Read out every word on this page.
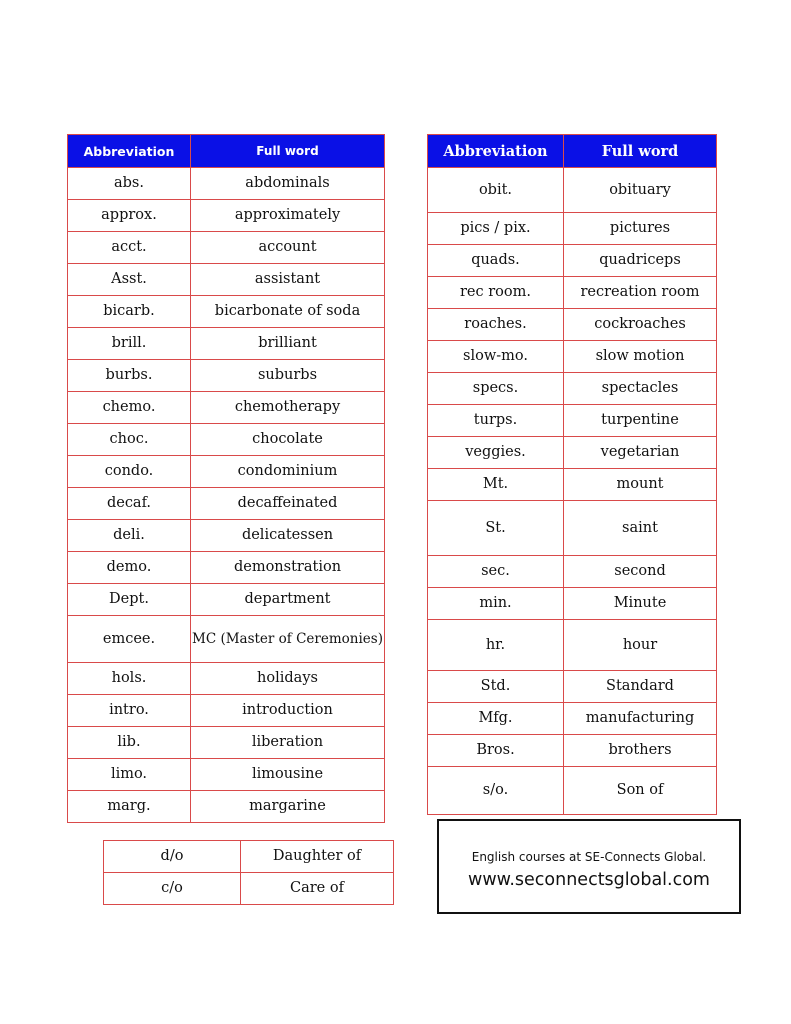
Abbreviation	Full word
abs.	abdominals
approx.	approximately
acct.	account
Asst.	assistant
bicarb.	bicarbonate of soda
brill.	brilliant
burbs.	suburbs
chemo.	chemotherapy
choc.	chocolate
condo.	condominium
decaf.	decaffeinated
deli.	delicatessen
demo.	demonstration
Dept.	department
emcee.	MC (Master of Ceremonies)
hols.	holidays
intro.	introduction
lib.	liberation
limo.	limousine
marg.	margarine
Abbreviation	Full word
obit.	obituary
pics / pix.	pictures
quads.	quadriceps
rec room.	recreation room
roaches.	cockroaches
slow-mo.	slow motion
specs.	spectacles
turps.	turpentine
veggies.	vegetarian
Mt.	mount
St.	saint
sec.	second
min.	Minute
hr.	hour
Std.	Standard
Mfg.	manufacturing
Bros.	brothers
s/o.	Son of
d/o	Daughter of
c/o	Care of
English courses at SE-Connects Global.
www.seconnectsglobal.com
